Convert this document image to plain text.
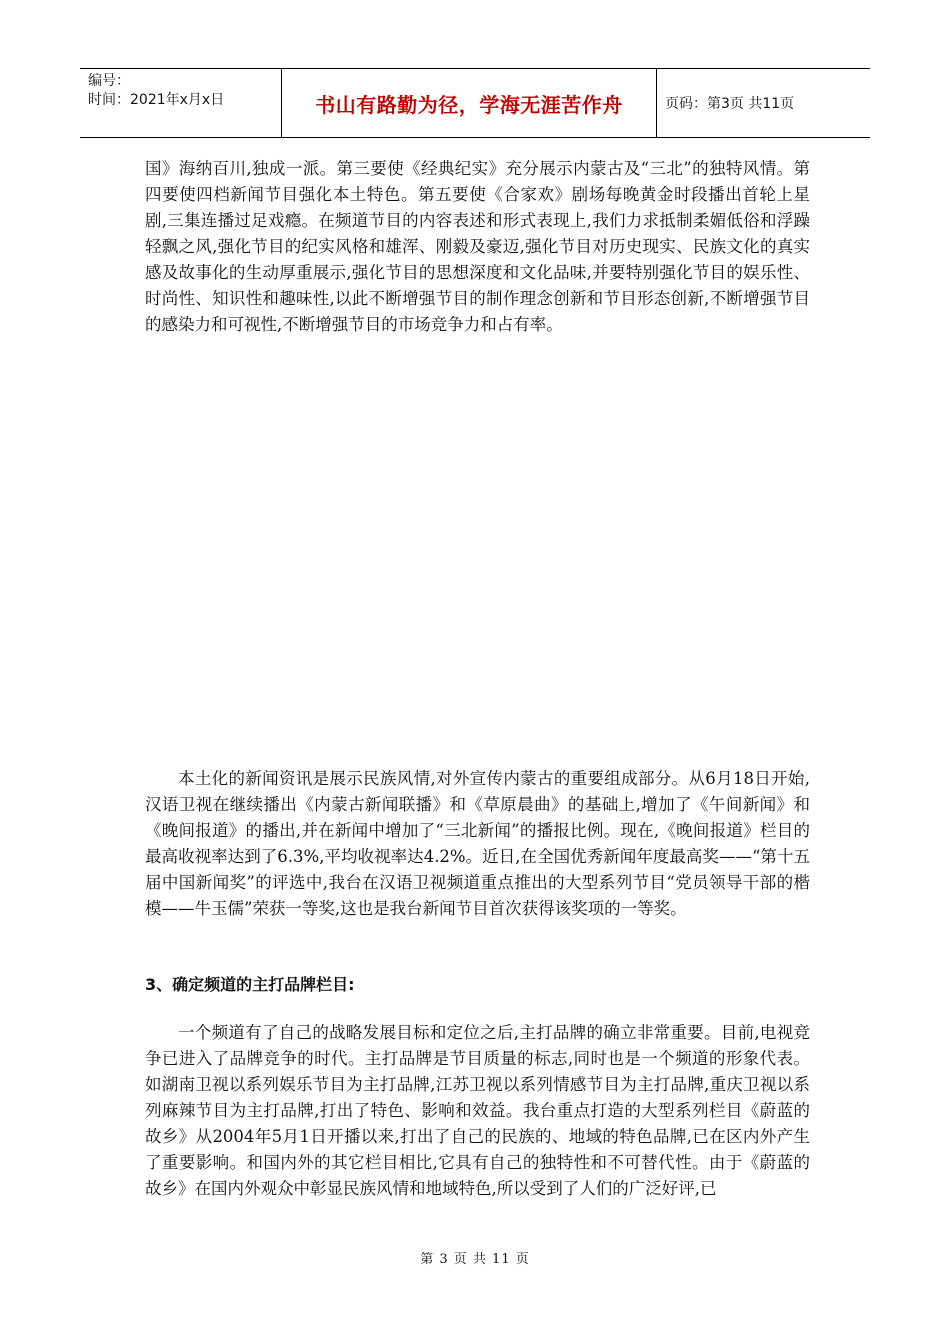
编号：
时间：2021年x月x日	书山有路勤为径，学海无涯苦作舟	页码：第3页 共11页

国》海纳百川,独成一派。第三要使《经典纪实》充分展示内蒙古及“三北”的独特风情。第四要使四档新闻节目强化本土特色。第五要使《合家欢》剧场每晚黄金时段播出首轮上星剧,三集连播过足戏瘾。在频道节目的内容表述和形式表现上,我们力求抵制柔媚低俗和浮躁轻飘之风,强化节目的纪实风格和雄浑、刚毅及豪迈,强化节目对历史现实、民族文化的真实感及故事化的生动厚重展示,强化节目的思想深度和文化品味,并要特别强化节目的娱乐性、时尚性、知识性和趣味性,以此不断增强节目的制作理念创新和节目形态创新,不断增强节目的感染力和可视性,不断增强节目的市场竞争力和占有率。

本土化的新闻资讯是展示民族风情,对外宣传内蒙古的重要组成部分。从6月18日开始,汉语卫视在继续播出《内蒙古新闻联播》和《草原晨曲》的基础上,增加了《午间新闻》和《晚间报道》的播出,并在新闻中增加了“三北新闻”的播报比例。现在,《晚间报道》栏目的最高收视率达到了6.3%,平均收视率达4.2%。近日,在全国优秀新闻年度最高奖——“第十五届中国新闻奖”的评选中,我台在汉语卫视频道重点推出的大型系列节目“党员领导干部的楷模——牛玉儒”荣获一等奖,这也是我台新闻节目首次获得该奖项的一等奖。

3、确定频道的主打品牌栏目:

一个频道有了自己的战略发展目标和定位之后,主打品牌的确立非常重要。目前,电视竞争已进入了品牌竞争的时代。主打品牌是节目质量的标志,同时也是一个频道的形象代表。如湖南卫视以系列娱乐节目为主打品牌,江苏卫视以系列情感节目为主打品牌,重庆卫视以系列麻辣节目为主打品牌,打出了特色、影响和效益。我台重点打造的大型系列栏目《蔚蓝的故乡》从2004年5月1日开播以来,打出了自己的民族的、地域的特色品牌,已在区内外产生了重要影响。和国内外的其它栏目相比,它具有自己的独特性和不可替代性。由于《蔚蓝的故乡》在国内外观众中彰显民族风情和地域特色,所以受到了人们的广泛好评,已

第 3 页 共 11 页
